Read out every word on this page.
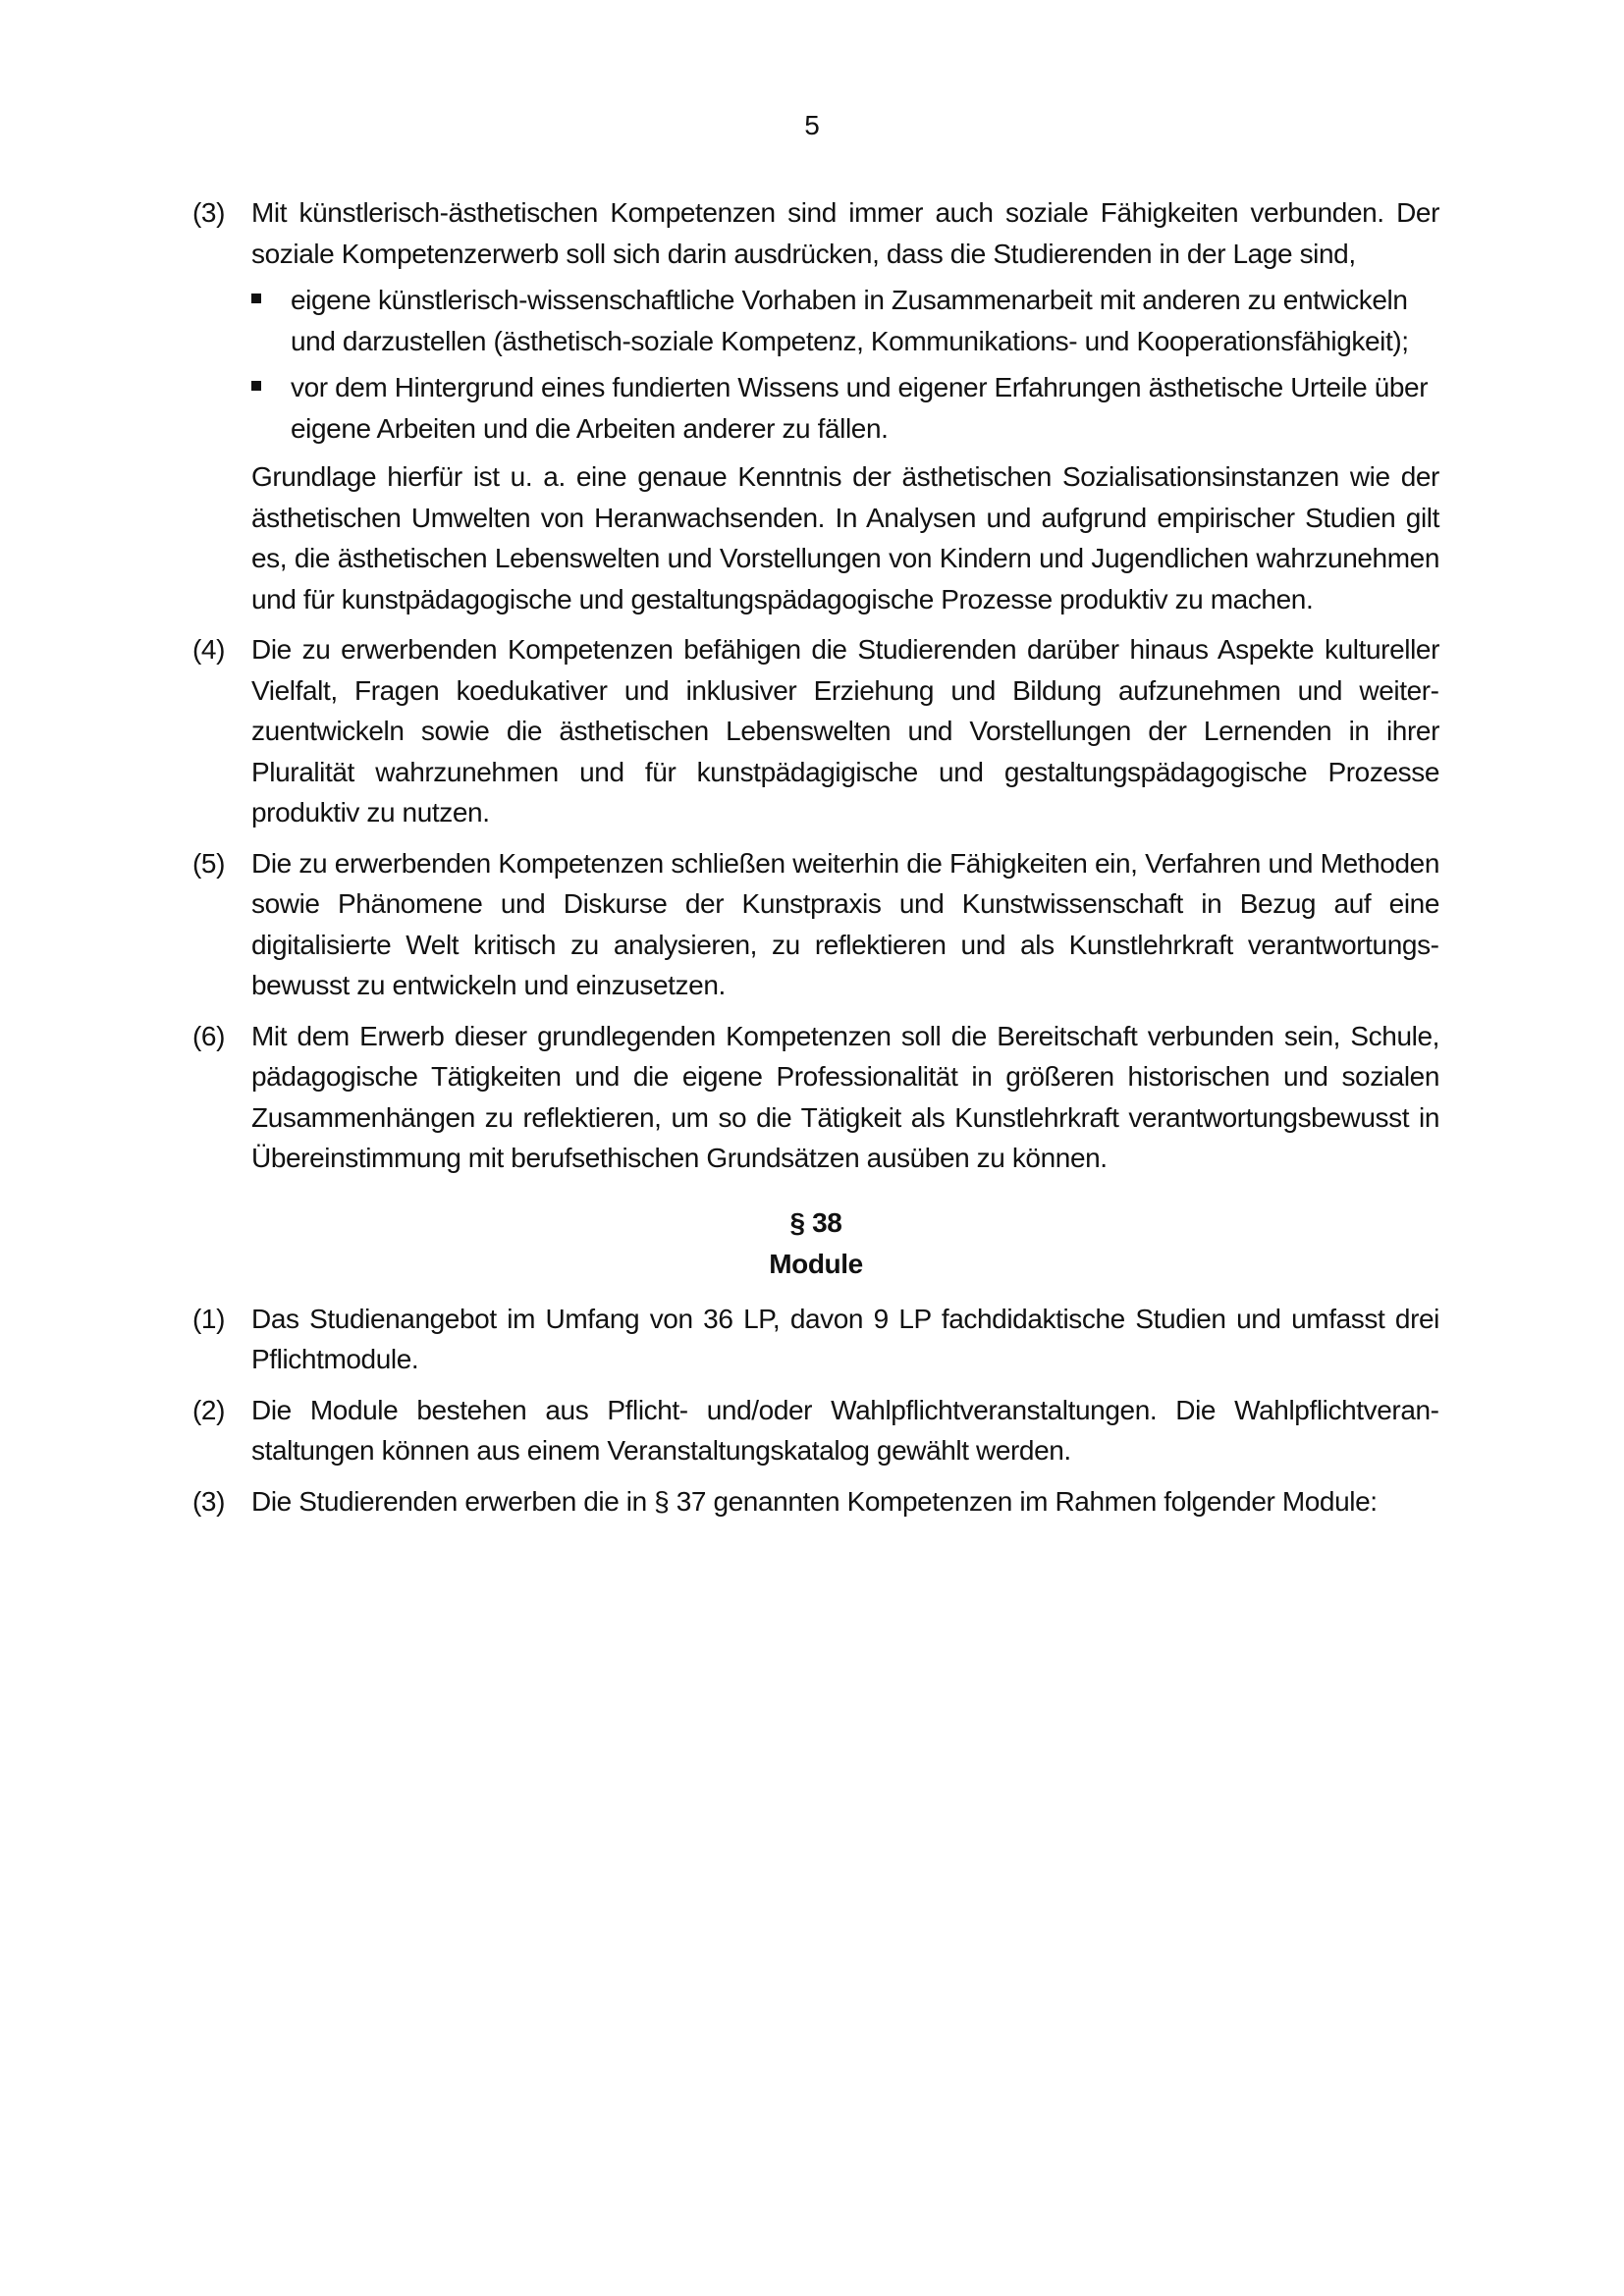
5
(3) Mit künstlerisch-ästhetischen Kompetenzen sind immer auch soziale Fähigkeiten verbunden. Der soziale Kompetenzerwerb soll sich darin ausdrücken, dass die Studierenden in der Lage sind,
eigene künstlerisch-wissenschaftliche Vorhaben in Zusammenarbeit mit anderen zu entwickeln und darzustellen (ästhetisch-soziale Kompetenz, Kommunikations- und Kooperationsfähigkeit);
vor dem Hintergrund eines fundierten Wissens und eigener Erfahrungen ästhetische Urteile über eigene Arbeiten und die Arbeiten anderer zu fällen.
Grundlage hierfür ist u. a. eine genaue Kenntnis der ästhetischen Sozialisationsinstanzen wie der ästhetischen Umwelten von Heranwachsenden. In Analysen und aufgrund empirischer Studien gilt es, die ästhetischen Lebenswelten und Vorstellungen von Kindern und Jugendlichen wahrzunehmen und für kunstpädagogische und gestaltungspädagogische Prozesse produktiv zu machen.
(4) Die zu erwerbenden Kompetenzen befähigen die Studierenden darüber hinaus Aspekte kultureller Vielfalt, Fragen koedukativer und inklusiver Erziehung und Bildung aufzunehmen und weiterzuentwickeln sowie die ästhetischen Lebenswelten und Vorstellungen der Lernenden in ihrer Pluralität wahrzunehmen und für kunstpädagigische und gestaltungspädagogische Prozesse produktiv zu nutzen.
(5) Die zu erwerbenden Kompetenzen schließen weiterhin die Fähigkeiten ein, Verfahren und Methoden sowie Phänomene und Diskurse der Kunstpraxis und Kunstwissenschaft in Bezug auf eine digitalisierte Welt kritisch zu analysieren, zu reflektieren und als Kunstlehrkraft verantwortungsbewusst zu entwickeln und einzusetzen.
(6) Mit dem Erwerb dieser grundlegenden Kompetenzen soll die Bereitschaft verbunden sein, Schule, pädagogische Tätigkeiten und die eigene Professionalität in größeren historischen und sozialen Zusammenhängen zu reflektieren, um so die Tätigkeit als Kunstlehrkraft verantwortungsbewusst in Übereinstimmung mit berufsethischen Grundsätzen ausüben zu können.
§ 38
Module
(1) Das Studienangebot im Umfang von 36 LP, davon 9 LP fachdidaktische Studien und umfasst drei Pflichtmodule.
(2) Die Module bestehen aus Pflicht- und/oder Wahlpflichtveranstaltungen. Die Wahlpflichtveranstaltungen können aus einem Veranstaltungskatalog gewählt werden.
(3) Die Studierenden erwerben die in § 37 genannten Kompetenzen im Rahmen folgender Module:
